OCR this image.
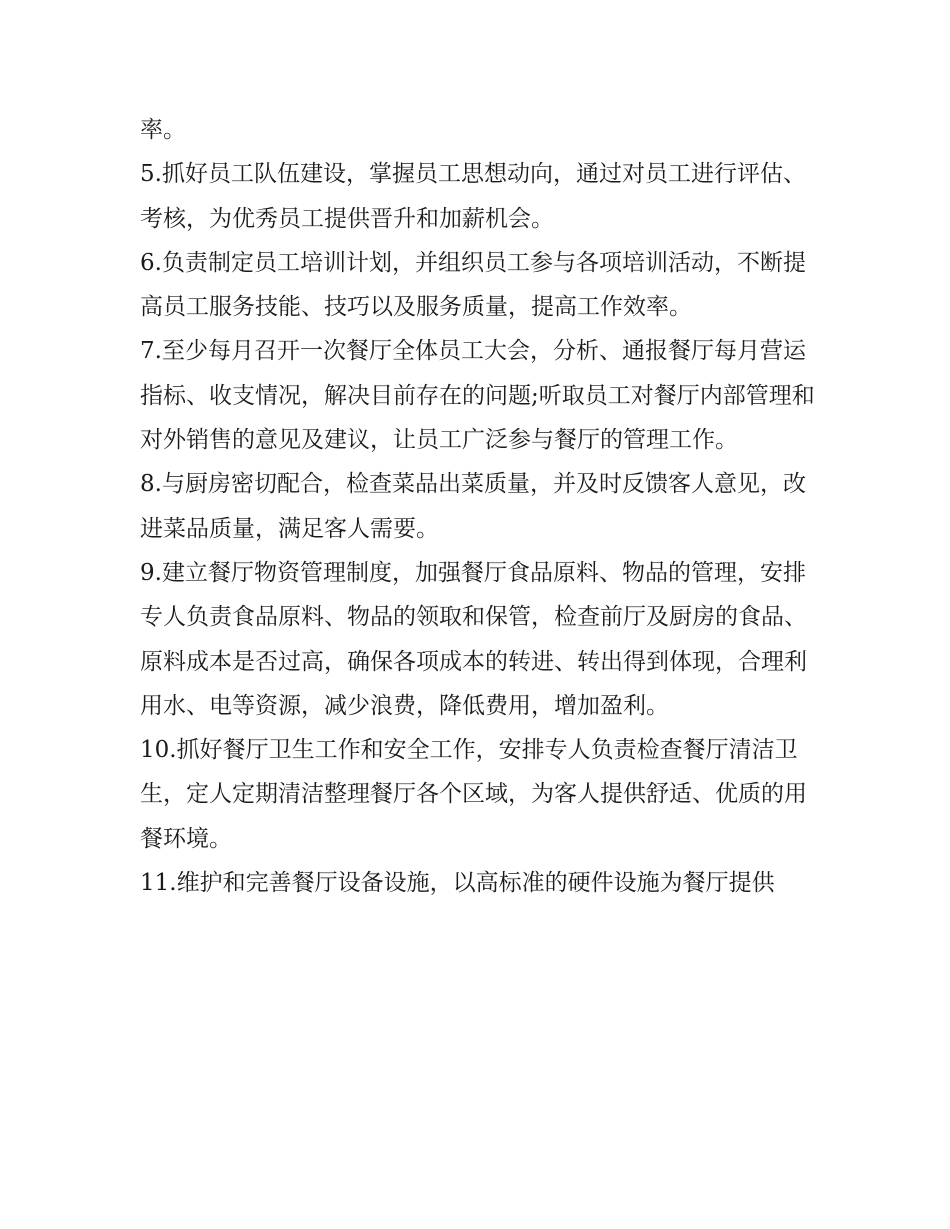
率。

5.抓好员工队伍建设，掌握员工思想动向，通过对员工进行评估、考核，为优秀员工提供晋升和加薪机会。

6.负责制定员工培训计划，并组织员工参与各项培训活动，不断提高员工服务技能、技巧以及服务质量，提高工作效率。

7.至少每月召开一次餐厅全体员工大会，分析、通报餐厅每月营运指标、收支情况，解决目前存在的问题;听取员工对餐厅内部管理和对外销售的意见及建议，让员工广泛参与餐厅的管理工作。

8.与厨房密切配合，检查菜品出菜质量，并及时反馈客人意见，改进菜品质量，满足客人需要。

9.建立餐厅物资管理制度，加强餐厅食品原料、物品的管理，安排专人负责食品原料、物品的领取和保管，检查前厅及厨房的食品、原料成本是否过高，确保各项成本的转进、转出得到体现，合理利用水、电等资源，减少浪费，降低费用，增加盈利。

10.抓好餐厅卫生工作和安全工作，安排专人负责检查餐厅清洁卫生，定人定期清洁整理餐厅各个区域，为客人提供舒适、优质的用餐环境。

11.维护和完善餐厅设备设施，以高标准的硬件设施为餐厅提供
